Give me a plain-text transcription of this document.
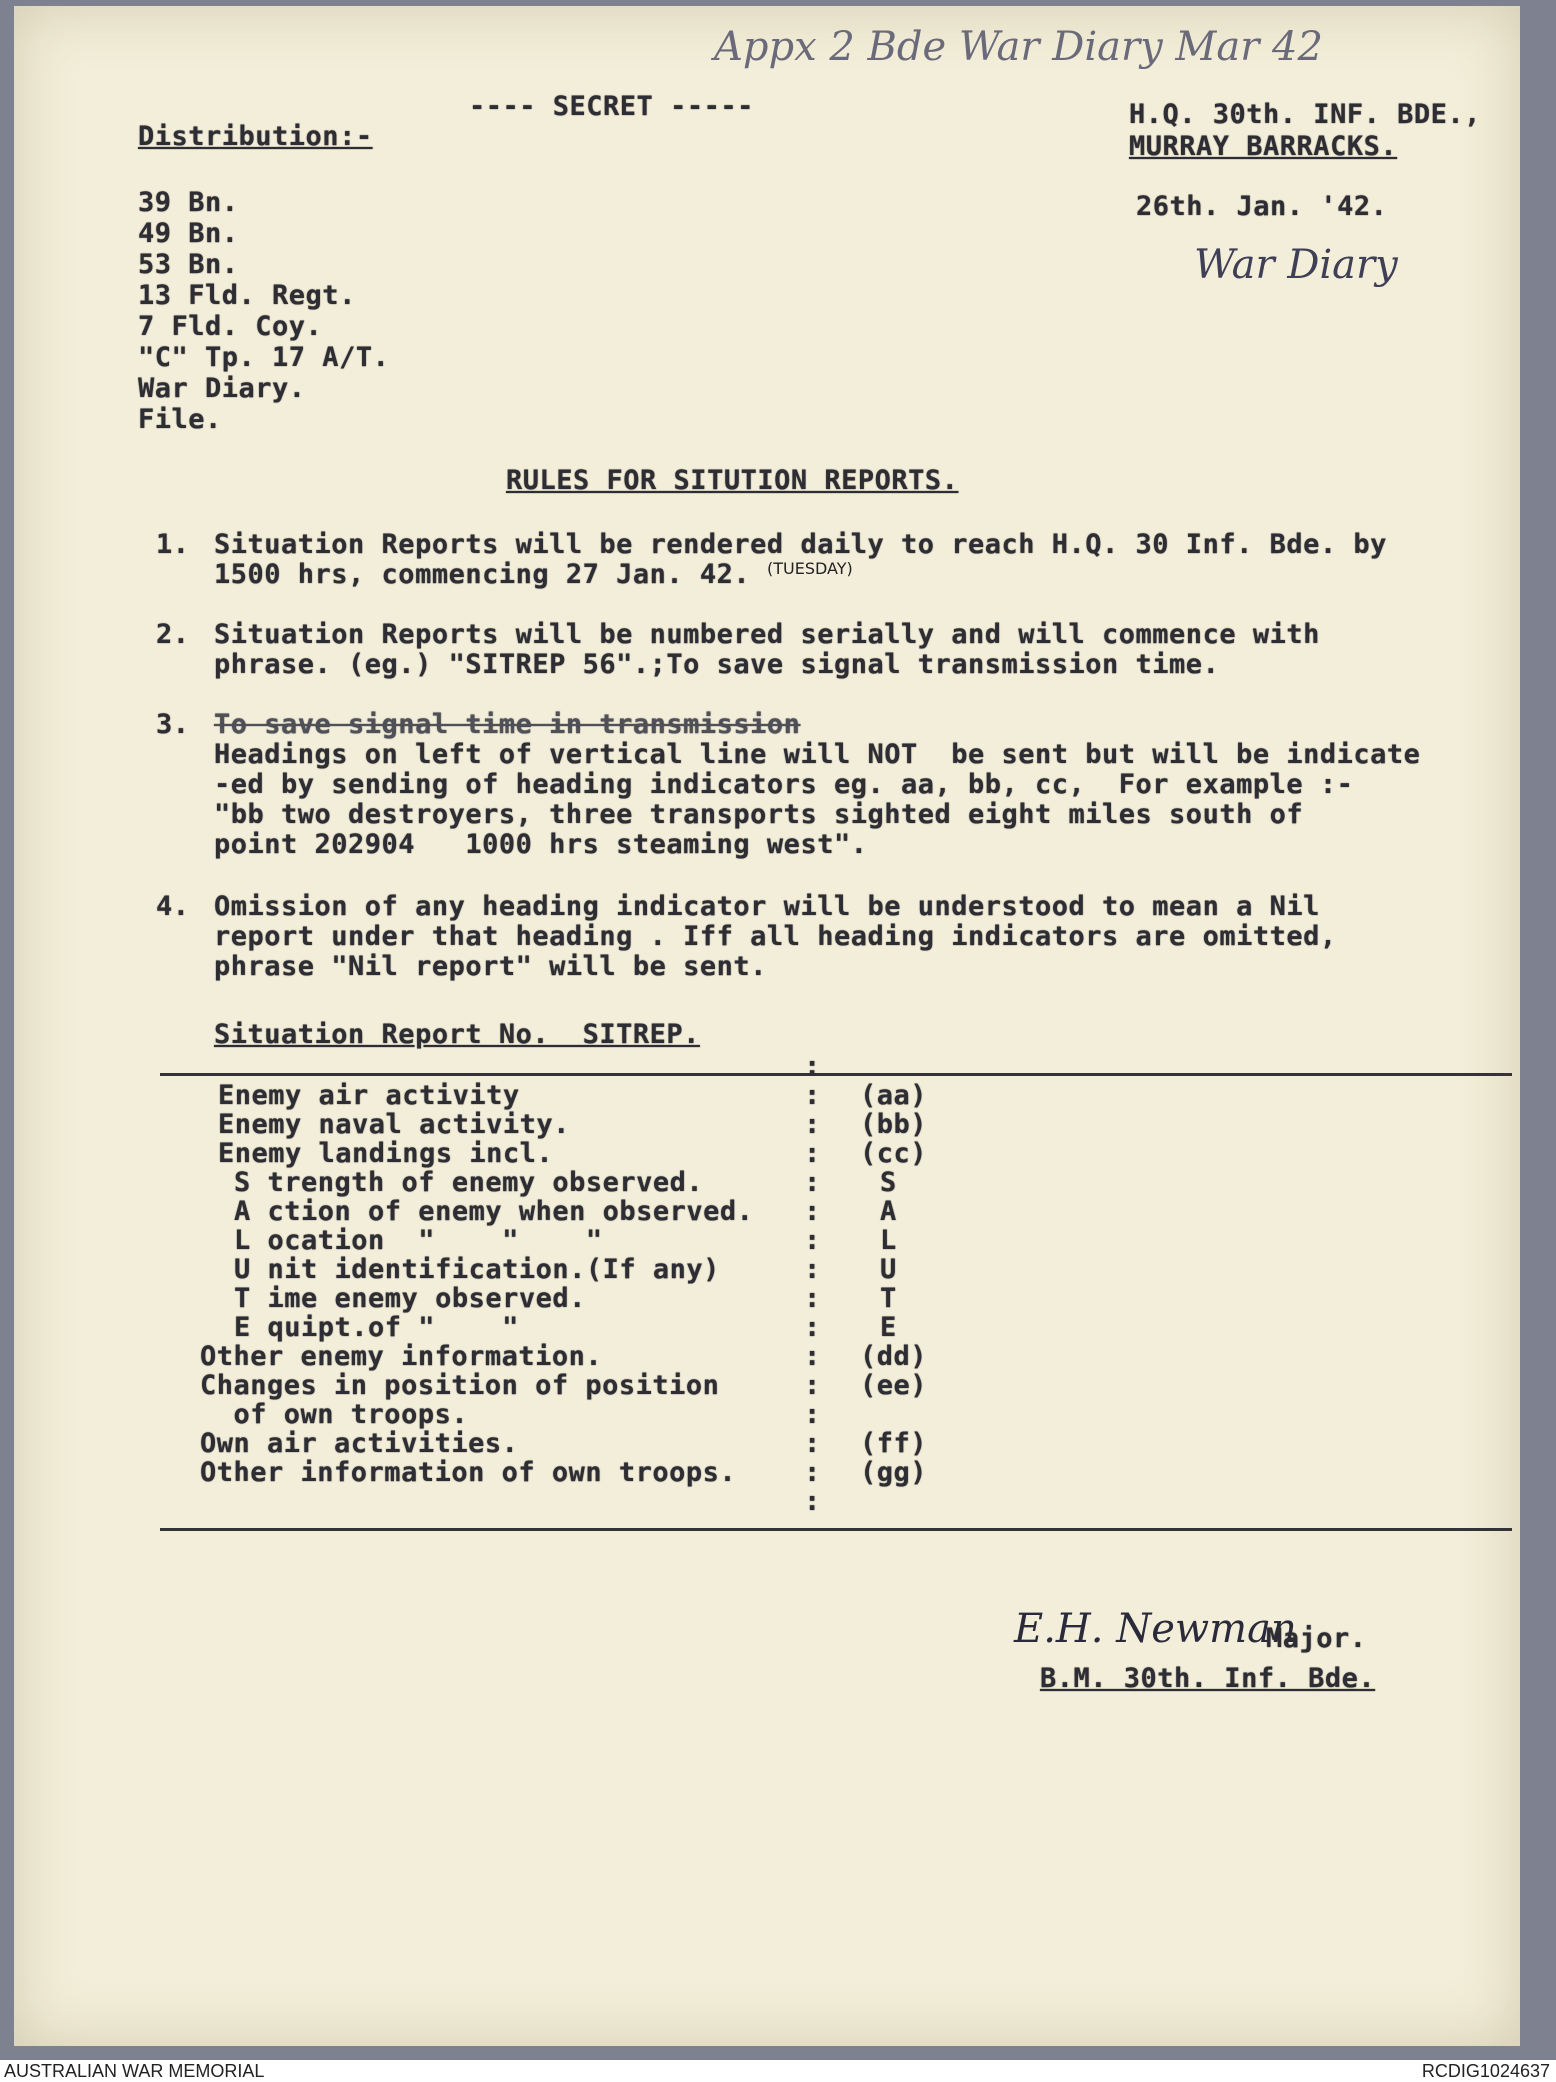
Appx 2 Bde War Diary Mar 42
---- SECRET -----
Distribution:-
H.Q. 30th. INF. BDE.,
MURRAY BARRACKS.
26th. Jan. '42.
War Diary
39 Bn.
49 Bn.
53 Bn.
13 Fld. Regt.
7 Fld. Coy.
"C" Tp. 17 A/T.
War Diary.
File.
RULES FOR SITUTION REPORTS.
1. Situation Reports will be rendered daily to reach H.Q. 30 Inf. Bde. by
1500 hrs, commencing 27 Jan. 42. (TUESDAY)
2. Situation Reports will be numbered serially and will commence with
phrase. (eg.) "SITREP 56".;To save signal transmission time.
3. To save signal time in transmission
Headings on left of vertical line will NOT  be sent but will be indicate
-ed by sending of heading indicators eg. aa, bb, cc,  For example :-
"bb two destroyers, three transports sighted eight miles south of
point 202904   1000 hrs steaming west".
4. Omission of any heading indicator will be understood to mean a Nil
report under that heading . Iff all heading indicators are omitted,
phrase "Nil report" will be sent.
Situation Report No.  SITREP.
:
Enemy air activity	: (aa)
Enemy naval activity.	: (bb)
Enemy landings incl.	: (cc)
S trength of enemy observed.	: S
A ction of enemy when observed. : A
L ocation  "    "    "	: L
U nit identification.(If any)	: U
T ime enemy observed.	: T
E quipt.of "    "	: E
Other enemy information.	: (dd)
Changes in position of position	: (ee)
of own troops.	:
Own air activities.	: (ff)
Other information of own troops.	: (gg)
:
E.H. Newman
Major.
B.M. 30th. Inf. Bde.
AUSTRALIAN WAR MEMORIAL	RCDIG1024637
